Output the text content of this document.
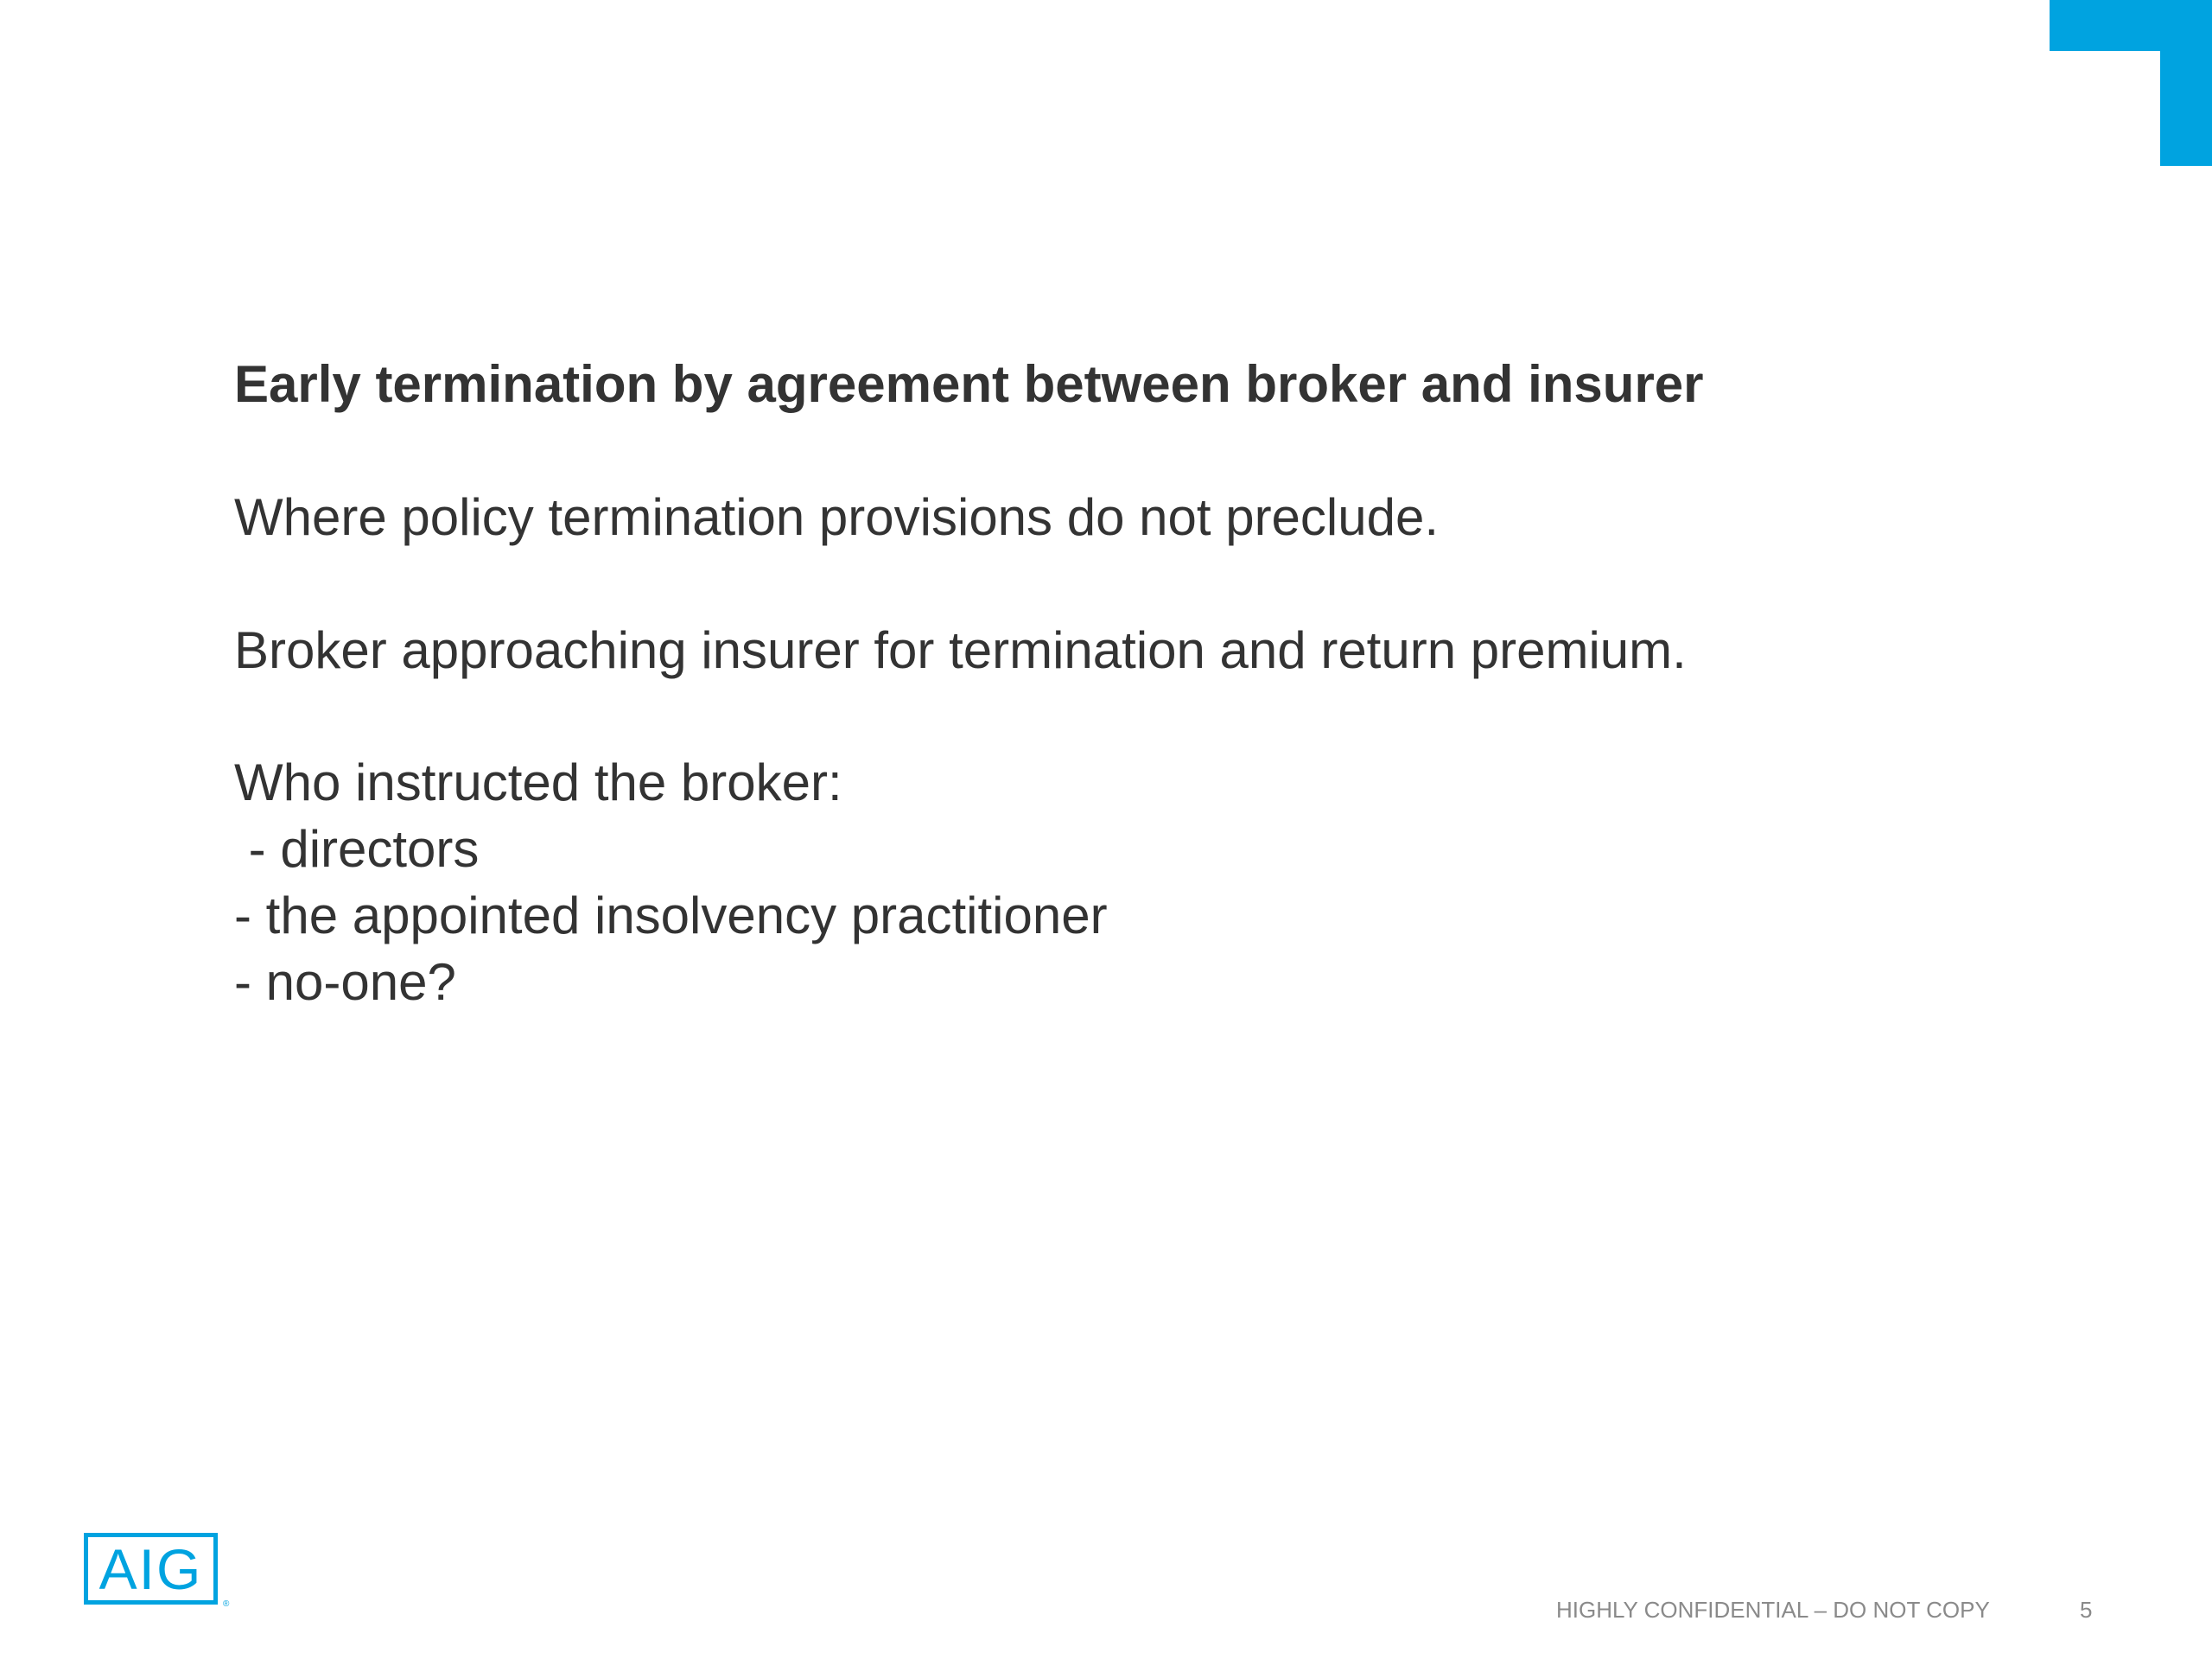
Early termination by agreement between broker and insurer
Where policy termination provisions do not preclude.
Broker approaching insurer for termination and return premium.
Who instructed the broker:
- directors
- the appointed insolvency practitioner
- no-one?
AIG
®	HIGHLY CONFIDENTIAL – DO NOT COPY	5
